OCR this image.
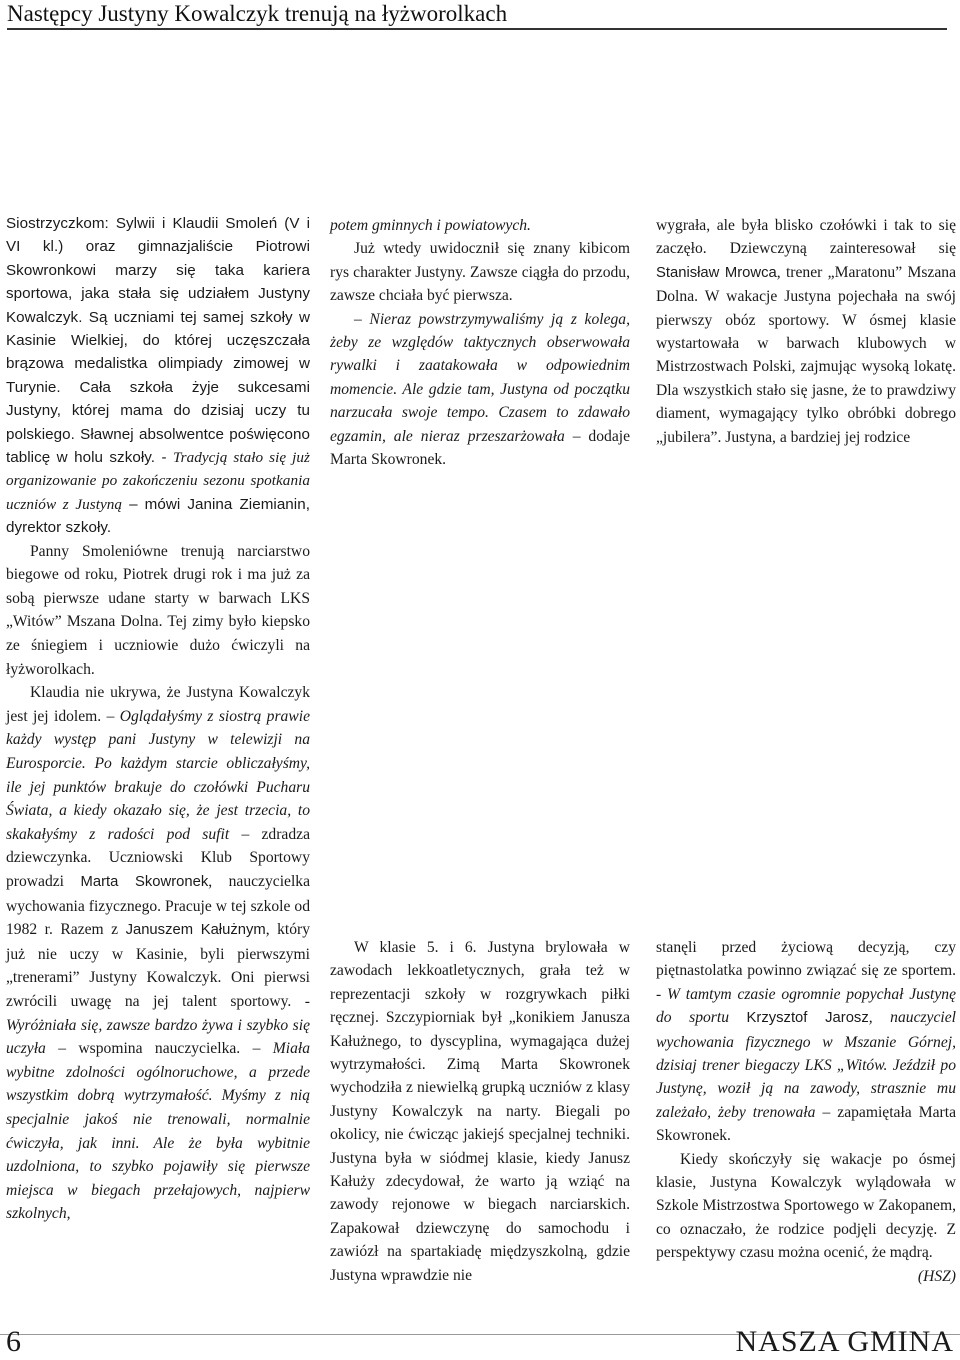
Następcy Justyny Kowalczyk trenują na łyżworolkach

Siostrzyczkom: Sylwii i Klaudii Smoleń (V i VI kl.) oraz gimnazjaliście Piotrowi Skowronkowi marzy się taka kariera sportowa, jaka stała się udziałem Justyny Kowalczyk. Są uczniami tej samej szkoły w Kasinie Wielkiej, do której uczęszczała brązowa medalistka olimpiady zimowej w Turynie. Cała szkoła żyje sukcesami Justyny, której mama do dzisiaj uczy tu polskiego. Sławnej absolwentce poświęcono tablicę w holu szkoły. - Tradycją stało się już organizowanie po zakończeniu sezonu spotkania uczniów z Justyną – mówi Janina Ziemianin, dyrektor szkoły.

Panny Smoleniówne trenują narciarstwo biegowe od roku, Piotrek drugi rok i ma już za sobą pierwsze udane starty w barwach LKS „Witów” Mszana Dolna. Tej zimy było kiepsko ze śniegiem i uczniowie dużo ćwiczyli na łyżworolkach.

Klaudia nie ukrywa, że Justyna Kowalczyk jest jej idolem. – Oglądałyśmy z siostrą prawie każdy występ pani Justyny w telewizji na Eurosporcie. Po każdym starcie obliczałyśmy, ile jej punktów brakuje do czołówki Pucharu Świata, a kiedy okazało się, że jest trzecia, to skakałyśmy z radości pod sufit – zdradza dziewczynka. Uczniowski Klub Sportowy prowadzi Marta Skowronek, nauczycielka wychowania fizycznego. Pracuje w tej szkole od 1982 r. Razem z Januszem Kałużnym, który już nie uczy w Kasinie, byli pierwszymi „trenerami” Justyny Kowalczyk. Oni pierwsi zwrócili uwagę na jej talent sportowy. - Wyróżniała się, zawsze bardzo żywa i szybko się uczyła – wspomina nauczycielka. – Miała wybitne zdolności ogólnoruchowe, a przede wszystkim dobrą wytrzymałość. Myśmy z nią specjalnie jakoś nie trenowali, normalnie ćwiczyła, jak inni. Ale że była wybitnie uzdolniona, to szybko pojawiły się pierwsze miejsca w biegach przełajowych, najpierw szkolnych,

potem gminnych i powiatowych.

Już wtedy uwidocznił się znany kibicom rys charakter Justyny. Zawsze ciągła do przodu, zawsze chciała być pierwsza.

– Nieraz powstrzymywaliśmy ją z kolega, żeby ze względów taktycznych obserwowała rywalki i zaatakowała w odpowiednim momencie. Ale gdzie tam, Justyna od początku narzucała swoje tempo. Czasem to zdawało egzamin, ale nieraz przeszarżowała – dodaje Marta Skowronek.

W klasie 5. i 6. Justyna brylowała w zawodach lekkoatletycznych, grała też w reprezentacji szkoły w rozgrywkach piłki ręcznej. Szczypiorniak był „konikiem Janusza Kałużnego, to dyscyplina, wymagająca dużej wytrzymałości. Zimą Marta Skowronek wychodziła z niewielką grupką uczniów z klasy Justyny Kowalczyk na narty. Biegali po okolicy, nie ćwicząc jakiejś specjalnej techniki. Justyna była w siódmej klasie, kiedy Janusz Kałuży zdecydował, że warto ją wziąć na zawody rejonowe w biegach narciarskich. Zapakował dziewczynę do samochodu i zawiózł na spartakiadę międzyszkolną, gdzie Justyna wprawdzie nie

wygrała, ale była blisko czołówki i tak to się zaczęło. Dziewczyną zainteresował się Stanisław Mrowca, trener „Maratonu” Mszana Dolna. W wakacje Justyna pojechała na swój pierwszy obóz sportowy. W ósmej klasie wystartowała w barwach klubowych w Mistrzostwach Polski, zajmując wysoką lokatę. Dla wszystkich stało się jasne, że to prawdziwy diament, wymagający tylko obróbki dobrego „jubilera”. Justyna, a bardziej jej rodzice

stanęli przed życiową decyzją, czy piętnastolatka powinno związać się ze sportem. - W tamtym czasie ogromnie popychał Justynę do sportu Krzysztof Jarosz, nauczyciel wychowania fizycznego w Mszanie Górnej, dzisiaj trener biegaczy LKS „Witów. Jeździł po Justynę, woził ją na zawody, strasznie mu zależało, żeby trenowała – zapamiętała Marta Skowronek.

Kiedy skończyły się wakacje po ósmej klasie, Justyna Kowalczyk wylądowała w Szkole Mistrzostwa Sportowego w Zakopanem, co oznaczało, że rodzice podjęli decyzję. Z perspektywy czasu można ocenić, że mądrą.

(HSZ)

6	NASZA GMINA
